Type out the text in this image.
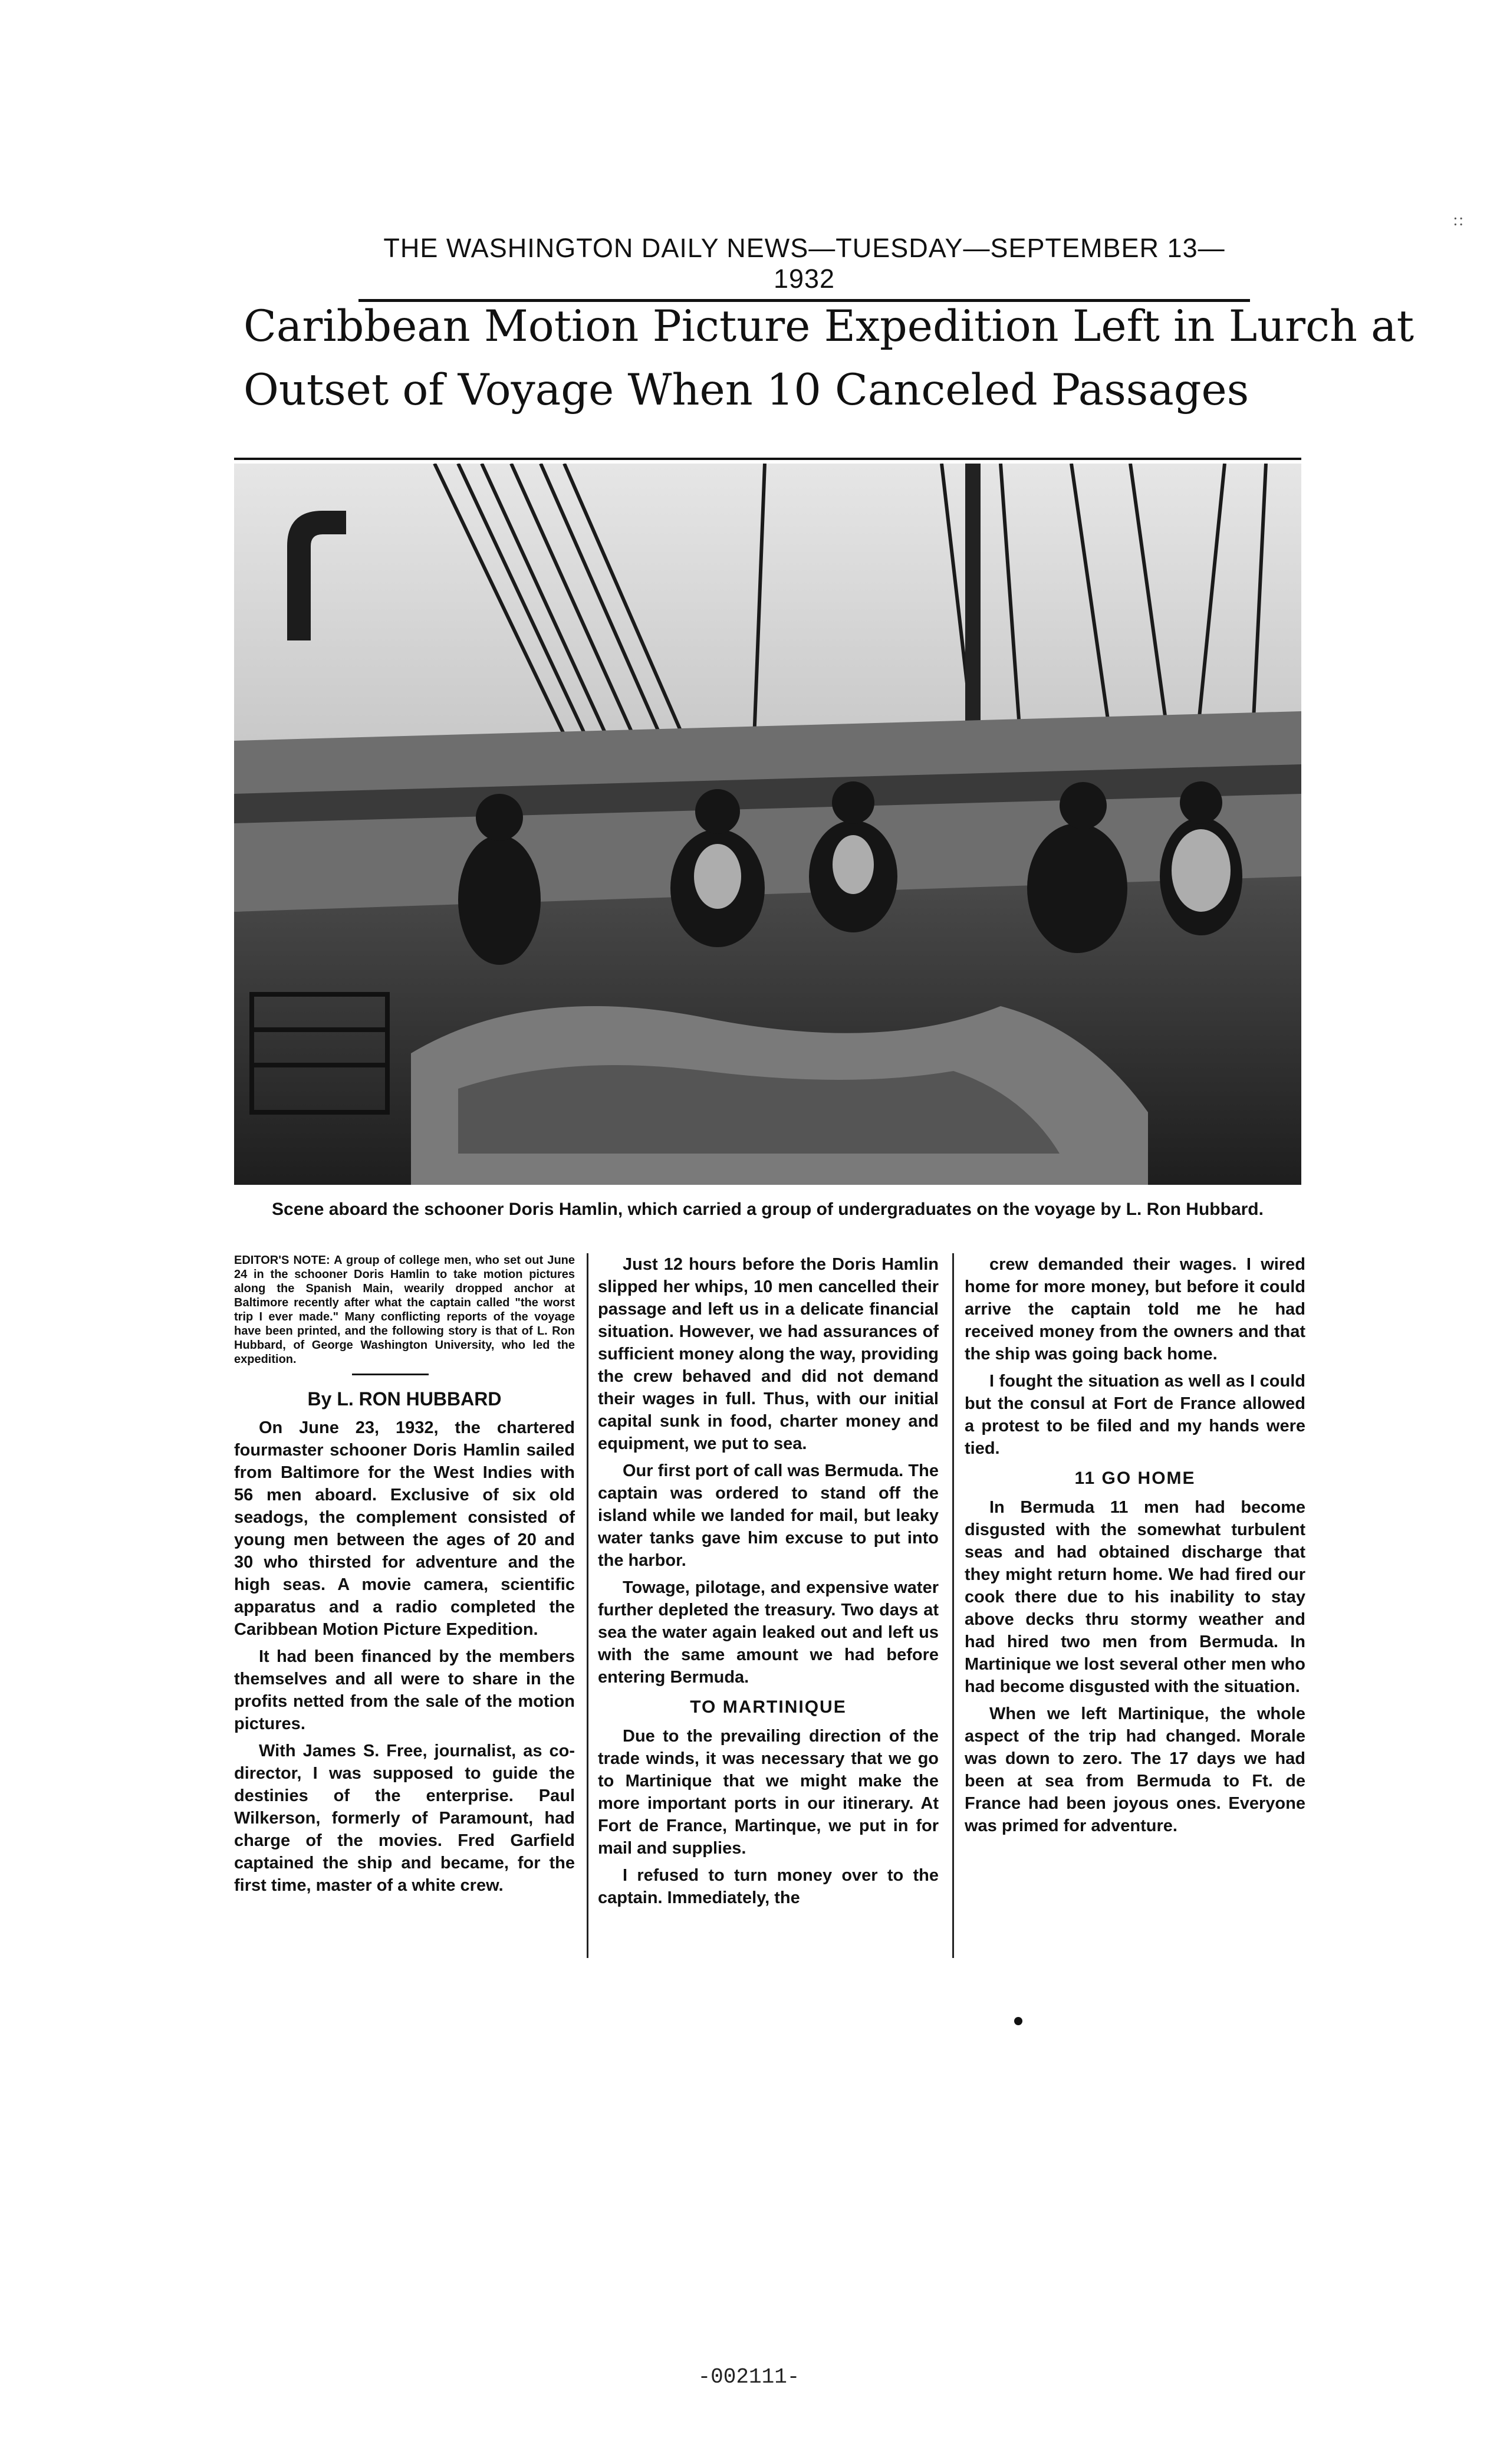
::
THE WASHINGTON DAILY NEWS—TUESDAY—SEPTEMBER 13—1932
Caribbean Motion Picture Expedition Left in Lurch at Outset of Voyage When 10 Canceled Passages
Scene aboard the schooner Doris Hamlin, which carried a group of undergraduates on the voyage by L. Ron Hubbard.

EDITOR'S NOTE: A group of college men, who set out June 24 in the schooner Doris Hamlin to take motion pictures along the Spanish Main, wearily dropped anchor at Baltimore recently after what the captain called "the worst trip I ever made." Many conflicting reports of the voyage have been printed, and the following story is that of L. Ron Hubbard, of George Washington University, who led the expedition.

By L. RON HUBBARD

On June 23, 1932, the chartered fourmaster schooner Doris Hamlin sailed from Baltimore for the West Indies with 56 men aboard. Exclusive of six old seadogs, the complement consisted of young men between the ages of 20 and 30 who thirsted for adventure and the high seas. A movie camera, scientific apparatus and a radio completed the Caribbean Motion Picture Expedition.

It had been financed by the members themselves and all were to share in the profits netted from the sale of the motion pictures.

With James S. Free, journalist, as co-director, I was supposed to guide the destinies of the enterprise. Paul Wilkerson, formerly of Paramount, had charge of the movies. Fred Garfield captained the ship and became, for the first time, master of a white crew.

Just 12 hours before the Doris Hamlin slipped her whips, 10 men cancelled their passage and left us in a delicate financial situation. However, we had assurances of sufficient money along the way, providing the crew behaved and did not demand their wages in full. Thus, with our initial capital sunk in food, charter money and equipment, we put to sea.

Our first port of call was Bermuda. The captain was ordered to stand off the island while we landed for mail, but leaky water tanks gave him excuse to put into the harbor.

Towage, pilotage, and expensive water further depleted the treasury. Two days at sea the water again leaked out and left us with the same amount we had before entering Bermuda.

TO MARTINIQUE

Due to the prevailing direction of the trade winds, it was necessary that we go to Martinique that we might make the more important ports in our itinerary. At Fort de France, Martinque, we put in for mail and supplies.

I refused to turn money over to the captain. Immediately, the

crew demanded their wages. I wired home for more money, but before it could arrive the captain told me he had received money from the owners and that the ship was going back home.

I fought the situation as well as I could but the consul at Fort de France allowed a protest to be filed and my hands were tied.

11 GO HOME

In Bermuda 11 men had become disgusted with the somewhat turbulent seas and had obtained discharge that they might return home. We had fired our cook there due to his inability to stay above decks thru stormy weather and had hired two men from Bermuda. In Martinique we lost several other men who had become disgusted with the situation.

When we left Martinique, the whole aspect of the trip had changed. Morale was down to zero. The 17 days we had been at sea from Bermuda to Ft. de France had been joyous ones. Everyone was primed for adventure.

-002111-
